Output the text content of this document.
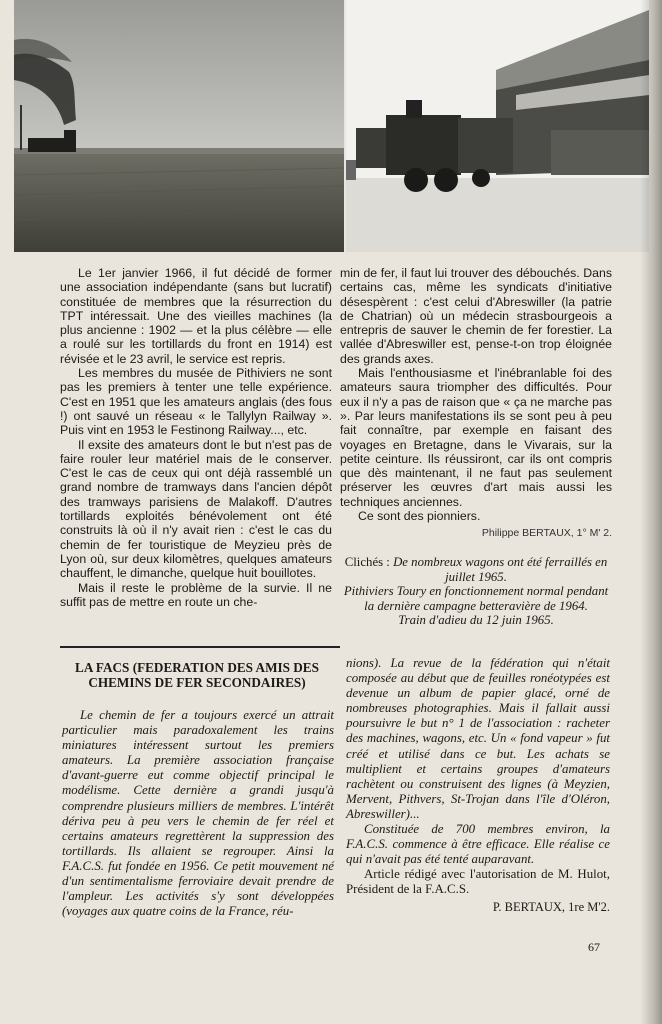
Le 1er janvier 1966, il fut décidé de former une association indépendante (sans but lucratif) constituée de membres que la résurrection du TPT intéressait. Une des vieilles machines (la plus ancienne : 1902 — et la plus célèbre — elle a roulé sur les tortillards du front en 1914) est révisée et le 23 avril, le service est repris.

Les membres du musée de Pithiviers ne sont pas les premiers à tenter une telle expérience. C'est en 1951 que les amateurs anglais (des fous !) ont sauvé un réseau « le Tallylyn Railway ». Puis vint en 1953 le Festinong Railway..., etc.

Il exsite des amateurs dont le but n'est pas de faire rouler leur matériel mais de le conserver. C'est le cas de ceux qui ont déjà rassemblé un grand nombre de tramways dans l'ancien dépôt des tramways parisiens de Malakoff. D'autres tortillards exploités bénévolement ont été construits là où il n'y avait rien : c'est le cas du chemin de fer touristique de Meyzieu près de Lyon où, sur deux kilomètres, quelques amateurs chauffent, le dimanche, quelque huit bouillotes.

Mais il reste le problème de la survie. Il ne suffit pas de mettre en route un che-

min de fer, il faut lui trouver des débouchés. Dans certains cas, même les syndicats d'initiative désespèrent : c'est celui d'Abreswiller (la patrie de Chatrian) où un médecin strasbourgeois a entrepris de sauver le chemin de fer forestier. La vallée d'Abreswiller est, pense-t-on trop éloignée des grands axes.

Mais l'enthousiasme et l'inébranlable foi des amateurs saura triompher des difficultés. Pour eux il n'y a pas de raison que « ça ne marche pas ». Par leurs manifestations ils se sont peu à peu fait connaître, par exemple en faisant des voyages en Bretagne, dans le Vivarais, sur la petite ceinture. Ils réussiront, car ils ont compris que dès maintenant, il ne faut pas seulement préserver les œuvres d'art mais aussi les techniques anciennes.

Ce sont des pionniers.

Philippe BERTAUX, 1° M' 2.
Clichés : De nombreux wagons ont été ferraillés en juillet 1965.
Pithiviers Toury en fonctionnement normal pendant la dernière campagne betteravière de 1964.
Train d'adieu du 12 juin 1965.
LA FACS (FEDERATION DES AMIS DES CHEMINS DE FER SECONDAIRES)

Le chemin de fer a toujours exercé un attrait particulier mais paradoxalement les trains miniatures intéressent surtout les premiers amateurs. La première association française d'avant-guerre eut comme objectif principal le modélisme. Cette dernière a grandi jusqu'à comprendre plusieurs milliers de membres. L'intérêt dériva peu à peu vers le chemin de fer réel et certains amateurs regrettèrent la suppression des tortillards. Ils allaient se regrouper. Ainsi la F.A.C.S. fut fondée en 1956. Ce petit mouvement né d'un sentimentalisme ferroviaire devait prendre de l'ampleur. Les activités s'y sont développées (voyages aux quatre coins de la France, réu-

nions). La revue de la fédération qui n'était composée au début que de feuilles ronéotypées est devenue un album de papier glacé, orné de nombreuses photographies. Mais il fallait aussi poursuivre le but n° 1 de l'association : racheter des machines, wagons, etc. Un « fond vapeur » fut créé et utilisé dans ce but. Les achats se multiplient et certains groupes d'amateurs rachètent ou construisent des lignes (à Meyzien, Mervent, Pithvers, St-Trojan dans l'île d'Oléron, Abreswiller)...

Constituée de 700 membres environ, la F.A.C.S. commence à être efficace. Elle réalise ce qui n'avait pas été tenté auparavant.

Article rédigé avec l'autorisation de M. Hulot, Président de la F.A.C.S.

P. BERTAUX, 1re M'2.
67
